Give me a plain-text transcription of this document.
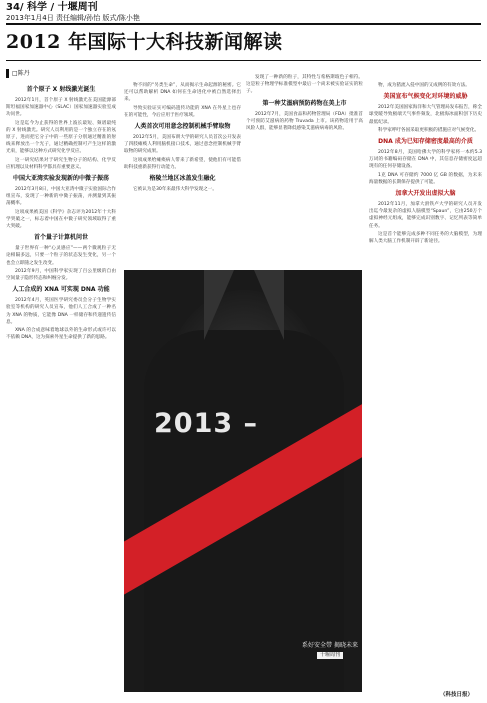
34/ 科学 / 十堰周刊
2013年1月4日 责任编辑/孙怡 版式/陈小艳
2012 年国际十大科技新闻解读
□陈丹
首个原子 X 射线激光诞生

2012年1月，首个原子 X 射线激光在美国能源部斯坦福国家加速器中心（SLAC）国家加速器实验室成功问世。

这是迄今为止获得的世界上波长最短、频谱最纯的 X 射线激光。研究人员利用的是一个独立存在的氖原子，进而把它分子中的一些原子分别通过精准的射线来释放出一个光子，通过精确控制可产生这样的激光束，能够以这种方式研究化学反应。

这一研究结果对于研究生物分子的结构、化学反应机理以及材料科学都具有重要意义。

中国大亚湾实验发现新的中微子振荡

2012年3月8日，中国大亚湾中微子实验国际合作组宣布，发现了一种新的中微子振荡，并测量到其振荡概率。

这项成果被美国《科学》杂志评为2012年十大科学突破之一，标志着中国在中微子研究领域取得了重大突破。

首个量子计算机问世

量子世界有一种“心灵感应”——两个微观粒子无论相隔多远，只要一个粒子的状态发生变化，另一个也会立即随之发生改变。

2012年9月，中国科学家实现了百公里级的自由空间量子隐形传态和纠缠分发。

人工合成的 XNA 可实现 DNA 功能

2012年4月，英国医学研究委员会分子生物学实验室等机构的研究人员宣布，他们人工合成了一种名为 XNA 的物质，它能像 DNA 一样储存和传递遗传信息。

XNA 的合成意味着地球以外的生命形式或许可以不依赖 DNA，这为探索外星生命提供了新的思路。

物不同的“另类生命”，从而揭示生命起源的秘密。它还可以帮助解析 DNA 如何在生命进化中被自然选择出来。

导致实验证实可编码遗传功能的 XNA 在外星上也存在的可能性，今后应用于医疗领域。

人类首次可用意念控制机械手臂取物

2012年5月，美国布朗大学的研究人员首次公开发表了四肢瘫痪人利用脑机接口技术，通过意念控制机械手臂取物的研究成果。

这项成果给瘫痪病人带来了新希望，使他们有可能借助科技重新获得行动能力。

格陵兰地区冰盖发生融化

它被认为是30年来最伟大科学发现之一。

发现了一种新的粒子，其特性与希格斯玻色子相符。这是粒子物理学标准模型中最后一个尚未被实验证实的粒子。

第一种艾滋病预防药物在美上市

2012年7月，美国食品和药物管理局（FDA）批准首个可预防艾滋病的药物 Truvada 上市。该药物适用于高风险人群，能够显著降低感染艾滋病病毒的风险。

物，成为猪流入侵中国的又成例的有效方法。

美国宣布气候变化对环境的威胁

2012年美国国家海洋和大气管理局发布报告，称全球变暖导致极端天气事件频发，北极海冰面积创下历史最低纪录。

科学家呼吁各国采取更积极的措施应对气候变化。

DNA 成为已知存储密度最高的介质

2012年8月，美国哈佛大学的科学家将一本约5.3万词的书籍编码存储在 DNA 中，其信息存储密度远超现有的任何存储设备。

1克 DNA 可存储约 7000 亿 GB 的数据，为未来海量数据的长期保存提供了可能。

加拿大开发出虚拟大脑

2012年11月，加拿大滑铁卢大学的研究人员开发出迄今最复杂的虚拟人脑模型“Spaun”，它由250万个虚拟神经元组成，能够完成识别数字、记忆列表等简单任务。

这是首个能够完成多种不同任务的大脑模型，为理解人类大脑工作机制开辟了新途径。

2013 –
系好安全带 揭晓未来
十堰周刊
（科技日报）
